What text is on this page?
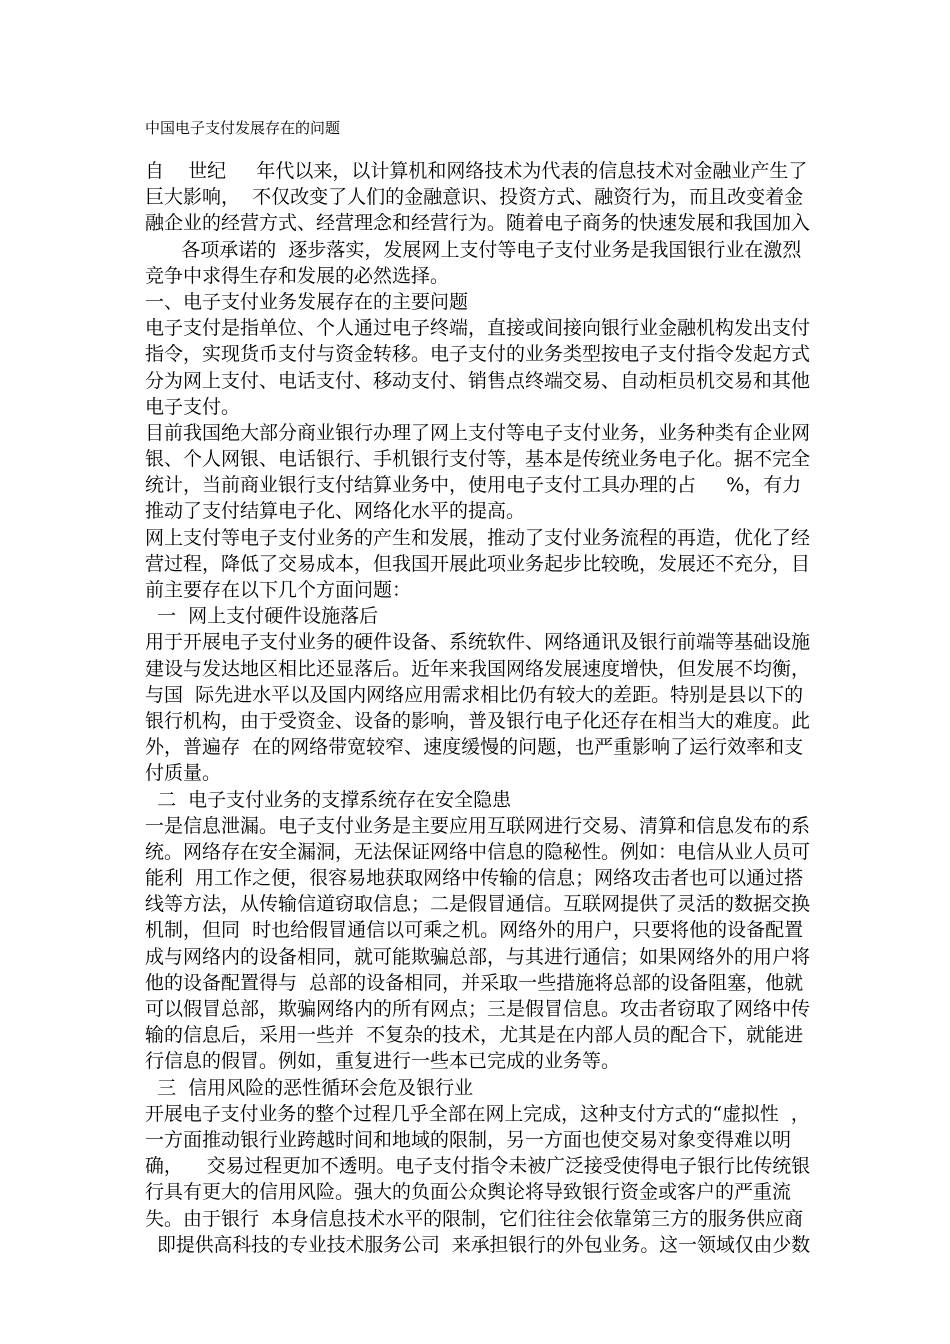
中国电子支付发展存在的问题
自    世纪     年代以来，以计算机和网络技术为代表的信息技术对金融业产生了
巨大影响，  不仅改变了人们的金融意识、投资方式、融资行为，而且改变着金
融企业的经营方式、经营理念和经营行为。随着电子商务的快速发展和我国加入
各项承诺的  逐步落实，发展网上支付等电子支付业务是我国银行业在激烈
竞争中求得生存和发展的必然选择。
一、电子支付业务发展存在的主要问题
电子支付是指单位、个人通过电子终端，直接或间接向银行业金融机构发出支付
指令，实现货币支付与资金转移。电子支付的业务类型按电子支付指令发起方式
分为网上支付、电话支付、移动支付、销售点终端交易、自动柜员机交易和其他
电子支付。
目前我国绝大部分商业银行办理了网上支付等电子支付业务，业务种类有企业网
银、个人网银、电话银行、手机银行支付等，基本是传统业务电子化。据不完全
统计，当前商业银行支付结算业务中，使用电子支付工具办理的占     %，有力
推动了支付结算电子化、网络化水平的提高。
网上支付等电子支付业务的产生和发展，推动了支付业务流程的再造，优化了经
营过程，降低了交易成本，但我国开展此项业务起步比较晚，发展还不充分，目
前主要存在以下几个方面问题：
一  网上支付硬件设施落后
用于开展电子支付业务的硬件设备、系统软件、网络通讯及银行前端等基础设施
建设与发达地区相比还显落后。近年来我国网络发展速度增快，但发展不均衡，
与国  际先进水平以及国内网络应用需求相比仍有较大的差距。特别是县以下的
银行机构，由于受资金、设备的影响，普及银行电子化还存在相当大的难度。此
外，普遍存  在的网络带宽较窄、速度缓慢的问题，也严重影响了运行效率和支
付质量。
二  电子支付业务的支撑系统存在安全隐患
一是信息泄漏。电子支付业务是主要应用互联网进行交易、清算和信息发布的系
统。网络存在安全漏洞，无法保证网络中信息的隐秘性。例如：电信从业人员可
能利  用工作之便，很容易地获取网络中传输的信息；网络攻击者也可以通过搭
线等方法，从传输信道窃取信息；二是假冒通信。互联网提供了灵活的数据交换
机制，但同  时也给假冒通信以可乘之机。网络外的用户，只要将他的设备配置
成与网络内的设备相同，就可能欺骗总部，与其进行通信；如果网络外的用户将
他的设备配置得与  总部的设备相同，并采取一些措施将总部的设备阻塞，他就
可以假冒总部，欺骗网络内的所有网点；三是假冒信息。攻击者窃取了网络中传
输的信息后，采用一些并  不复杂的技术，尤其是在内部人员的配合下，就能进
行信息的假冒。例如，重复进行一些本已完成的业务等。
三  信用风险的恶性循环会危及银行业
开展电子支付业务的整个过程几乎全部在网上完成，这种支付方式的“虚拟性  ，
一方面推动银行业跨越时间和地域的限制，另一方面也使交易对象变得难以明
确，    交易过程更加不透明。电子支付指令未被广泛接受使得电子银行比传统银
行具有更大的信用风险。强大的负面公众舆论将导致银行资金或客户的严重流
失。由于银行  本身信息技术水平的限制，它们往往会依靠第三方的服务供应商
即提供高科技的专业技术服务公司  来承担银行的外包业务。这一领域仅由少数
